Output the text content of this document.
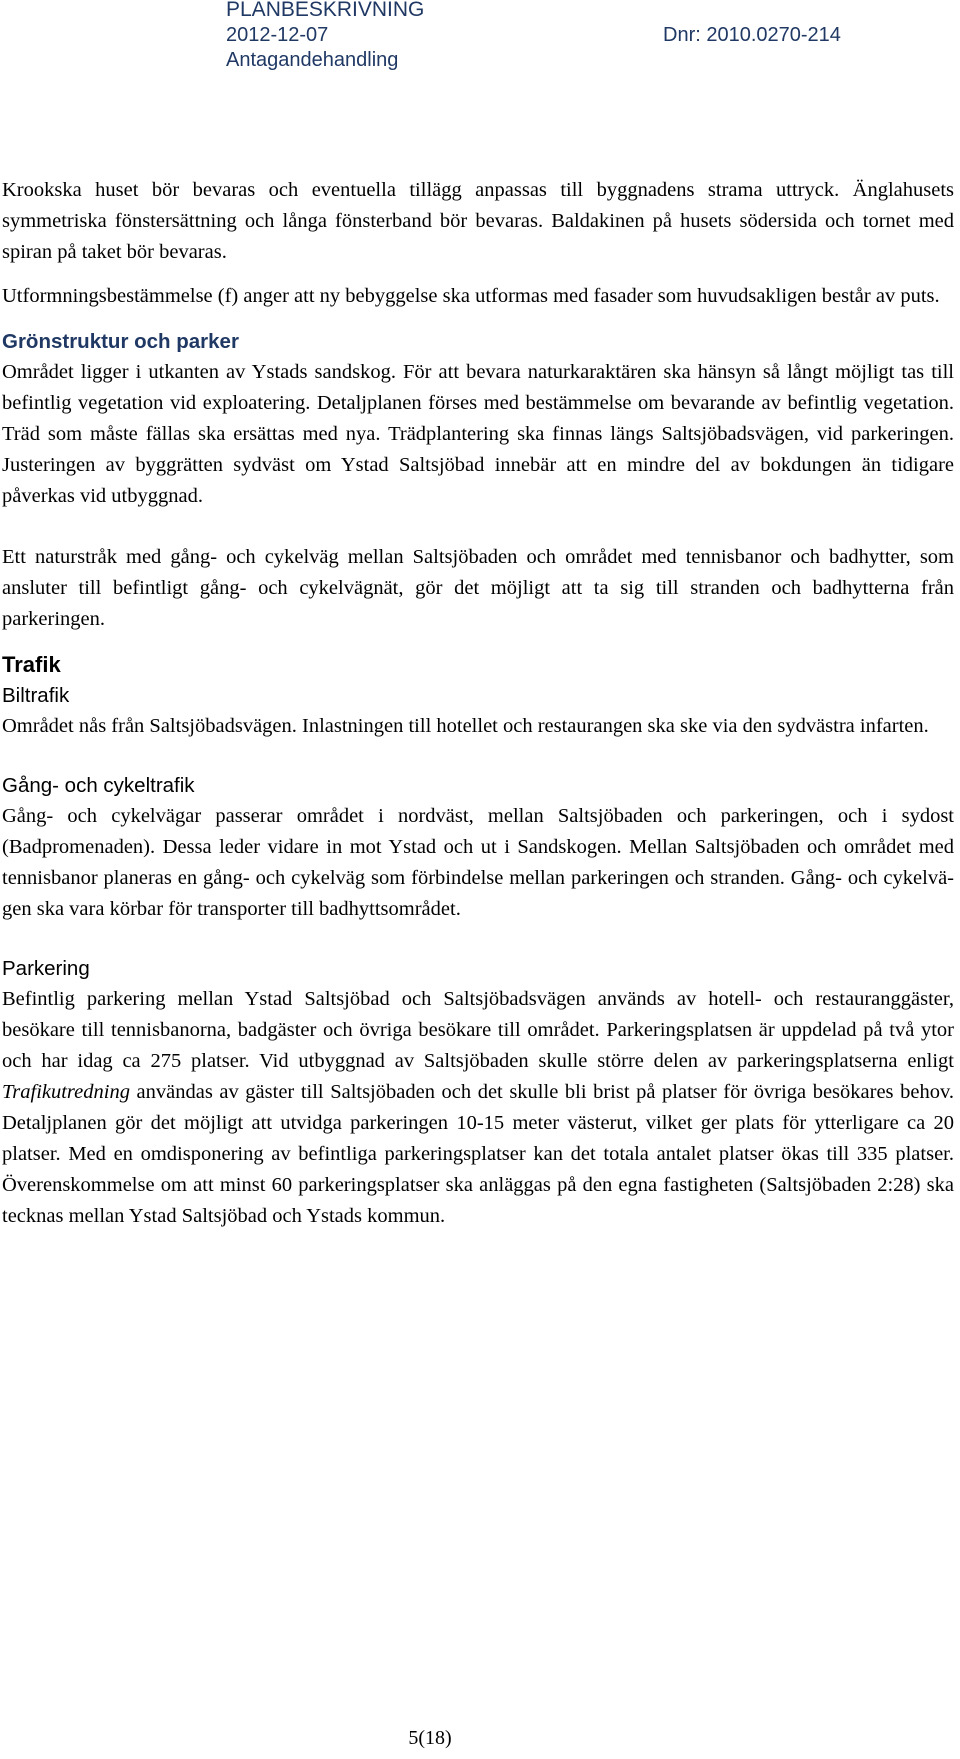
PLANBESKRIVNING
2012-12-07	Dnr: 2010.0270-214
Antagandehandling

Krookska huset bör bevaras och eventuella tillägg anpassas till byggnadens strama uttryck. Änglahusets symmetriska fönstersättning och långa fönsterband bör bevaras. Baldakinen på husets södersida och tornet med spiran på taket bör bevaras.

Utformningsbestämmelse (f) anger att ny bebyggelse ska utformas med fasader som huvudsakligen består av puts.

Grönstruktur och parker

Området ligger i utkanten av Ystads sandskog. För att bevara naturkaraktären ska hänsyn så långt möjligt tas till befintlig vegetation vid exploatering. Detaljplanen förses med bestämmelse om bevarande av befintlig vegetation. Träd som måste fällas ska ersättas med nya. Trädplantering ska finnas längs Saltsjöbadsvägen, vid parkeringen. Justeringen av byggrätten sydväst om Ystad Saltsjöbad innebär att en mindre del av bokdungen än tidigare påverkas vid utbyggnad.

Ett naturstråk med gång- och cykelväg mellan Saltsjöbaden och området med tennisbanor och badhytter, som ansluter till befintligt gång- och cykelvägnät, gör det möjligt att ta sig till stranden och badhytterna från parkeringen.

Trafik
Biltrafik

Området nås från Saltsjöbadsvägen. Inlastningen till hotellet och restaurangen ska ske via den sydvästra infarten.

Gång- och cykeltrafik

Gång- och cykelvägar passerar området i nordväst, mellan Saltsjöbaden och parkeringen, och i sydost (Badpromenaden). Dessa leder vidare in mot Ystad och ut i Sandskogen. Mellan Saltsjöbaden och området med tennisbanor planeras en gång- och cykelväg som förbindelse mellan parkeringen och stranden. Gång- och cykelvägen ska vara körbar för transporter till badhyttsområdet.

Parkering

Befintlig parkering mellan Ystad Saltsjöbad och Saltsjöbadsvägen används av hotell- och restauranggäster, besökare till tennisbanorna, badgäster och övriga besökare till området. Parkeringsplatsen är uppdelad på två ytor och har idag ca 275 platser. Vid utbyggnad av Saltsjöbaden skulle större delen av parkeringsplatserna enligt Trafikutredning användas av gäster till Saltsjöbaden och det skulle bli brist på platser för övriga besökares behov. Detaljplanen gör det möjligt att utvidga parkeringen 10-15 meter västerut, vilket ger plats för ytterligare ca 20 platser. Med en omdisponering av befintliga parkeringsplatser kan det totala antalet platser ökas till 335 platser. Överenskommelse om att minst 60 parkeringsplatser ska anläggas på den egna fastigheten (Saltsjöbaden 2:28) ska tecknas mellan Ystad Saltsjöbad och Ystads kommun.

5(18)
